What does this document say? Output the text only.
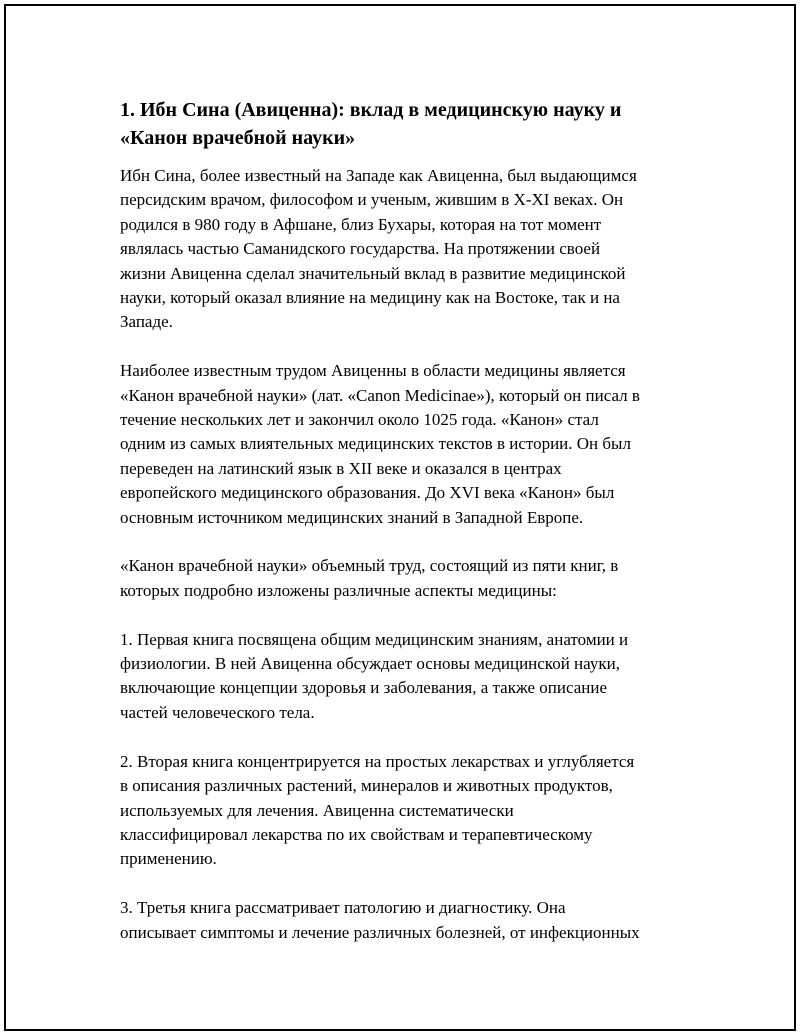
1. Ибн Сина (Авиценна): вклад в медицинскую науку и
«Канон врачебной науки»
Ибн Сина, более известный на Западе как Авиценна, был выдающимся
персидским врачом, философом и ученым, жившим в X-XI веках. Он
родился в 980 году в Афшане, близ Бухары, которая на тот момент
являлась частью Саманидского государства. На протяжении своей
жизни Авиценна сделал значительный вклад в развитие медицинской
науки, который оказал влияние на медицину как на Востоке, так и на
Западе.
Наиболее известным трудом Авиценны в области медицины является
«Канон врачебной науки» (лат. «Canon Medicinae»), который он писал в
течение нескольких лет и закончил около 1025 года. «Канон» стал
одним из самых влиятельных медицинских текстов в истории. Он был
переведен на латинский язык в XII веке и оказался в центрах
европейского медицинского образования. До XVI века «Канон» был
основным источником медицинских знаний в Западной Европе.
«Канон врачебной науки» объемный труд, состоящий из пяти книг, в
которых подробно изложены различные аспекты медицины:
1. Первая книга посвящена общим медицинским знаниям, анатомии и
физиологии. В ней Авиценна обсуждает основы медицинской науки,
включающие концепции здоровья и заболевания, а также описание
частей человеческого тела.
2. Вторая книга концентрируется на простых лекарствах и углубляется
в описания различных растений, минералов и животных продуктов,
используемых для лечения. Авиценна систематически
классифицировал лекарства по их свойствам и терапевтическому
применению.
3. Третья книга рассматривает патологию и диагностику. Она
описывает симптомы и лечение различных болезней, от инфекционных
